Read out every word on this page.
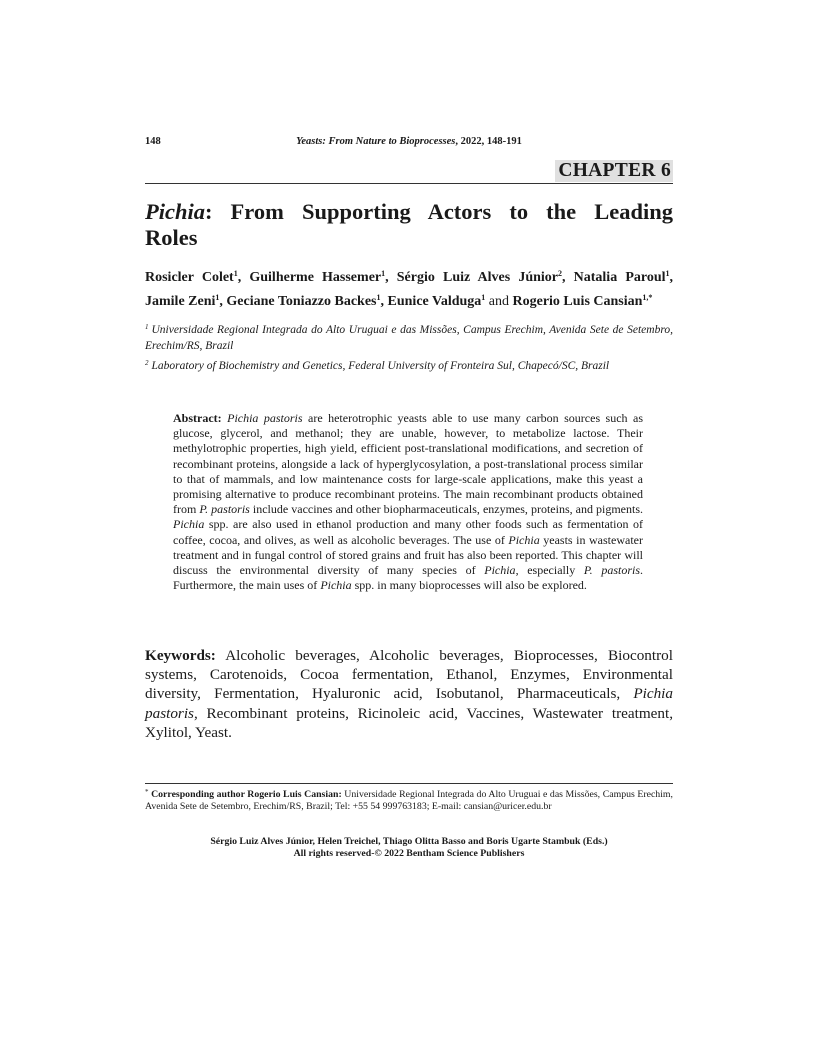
148	Yeasts: From Nature to Bioprocesses, 2022, 148-191
CHAPTER 6
Pichia: From Supporting Actors to the Leading Roles
Rosicler Colet$^1$, Guilherme Hassemer$^1$, Sérgio Luiz Alves Júnior$^2$, Natalia Paroul$^1$, Jamile Zeni$^1$, Geciane Toniazzo Backes$^1$, Eunice Valduga$^1$ and Rogerio Luis Cansian$^{1,*}$
$^1$ Universidade Regional Integrada do Alto Uruguai e das Missões, Campus Erechim, Avenida Sete de Setembro, Erechim/RS, Brazil
$^2$ Laboratory of Biochemistry and Genetics, Federal University of Fronteira Sul, Chapecó/SC, Brazil
Abstract: Pichia pastoris are heterotrophic yeasts able to use many carbon sources such as glucose, glycerol, and methanol; they are unable, however, to metabolize lactose. Their methylotrophic properties, high yield, efficient post-translational modifications, and secretion of recombinant proteins, alongside a lack of hyperglycosylation, a post-translational process similar to that of mammals, and low maintenance costs for large-scale applications, make this yeast a promising alternative to produce recombinant proteins. The main recombinant products obtained from P. pastoris include vaccines and other biopharmaceuticals, enzymes, proteins, and pigments. Pichia spp. are also used in ethanol production and many other foods such as fermentation of coffee, cocoa, and olives, as well as alcoholic beverages. The use of Pichia yeasts in wastewater treatment and in fungal control of stored grains and fruit has also been reported. This chapter will discuss the environmental diversity of many species of Pichia, especially P. pastoris. Furthermore, the main uses of Pichia spp. in many bioprocesses will also be explored.
Keywords: Alcoholic beverages, Alcoholic beverages, Bioprocesses, Biocontrol systems, Carotenoids, Cocoa fermentation, Ethanol, Enzymes, Environmental diversity, Fermentation, Hyaluronic acid, Isobutanol, Pharmaceuticals, Pichia pastoris, Recombinant proteins, Ricinoleic acid, Vaccines, Wastewater treatment, Xylitol, Yeast.
* Corresponding author Rogerio Luis Cansian: Universidade Regional Integrada do Alto Uruguai e das Missões, Campus Erechim, Avenida Sete de Setembro, Erechim/RS, Brazil; Tel: +55 54 999763183; E-mail: cansian@uricer.edu.br
Sérgio Luiz Alves Júnior, Helen Treichel, Thiago Olitta Basso and Boris Ugarte Stambuk (Eds.)
All rights reserved-© 2022 Bentham Science Publishers
